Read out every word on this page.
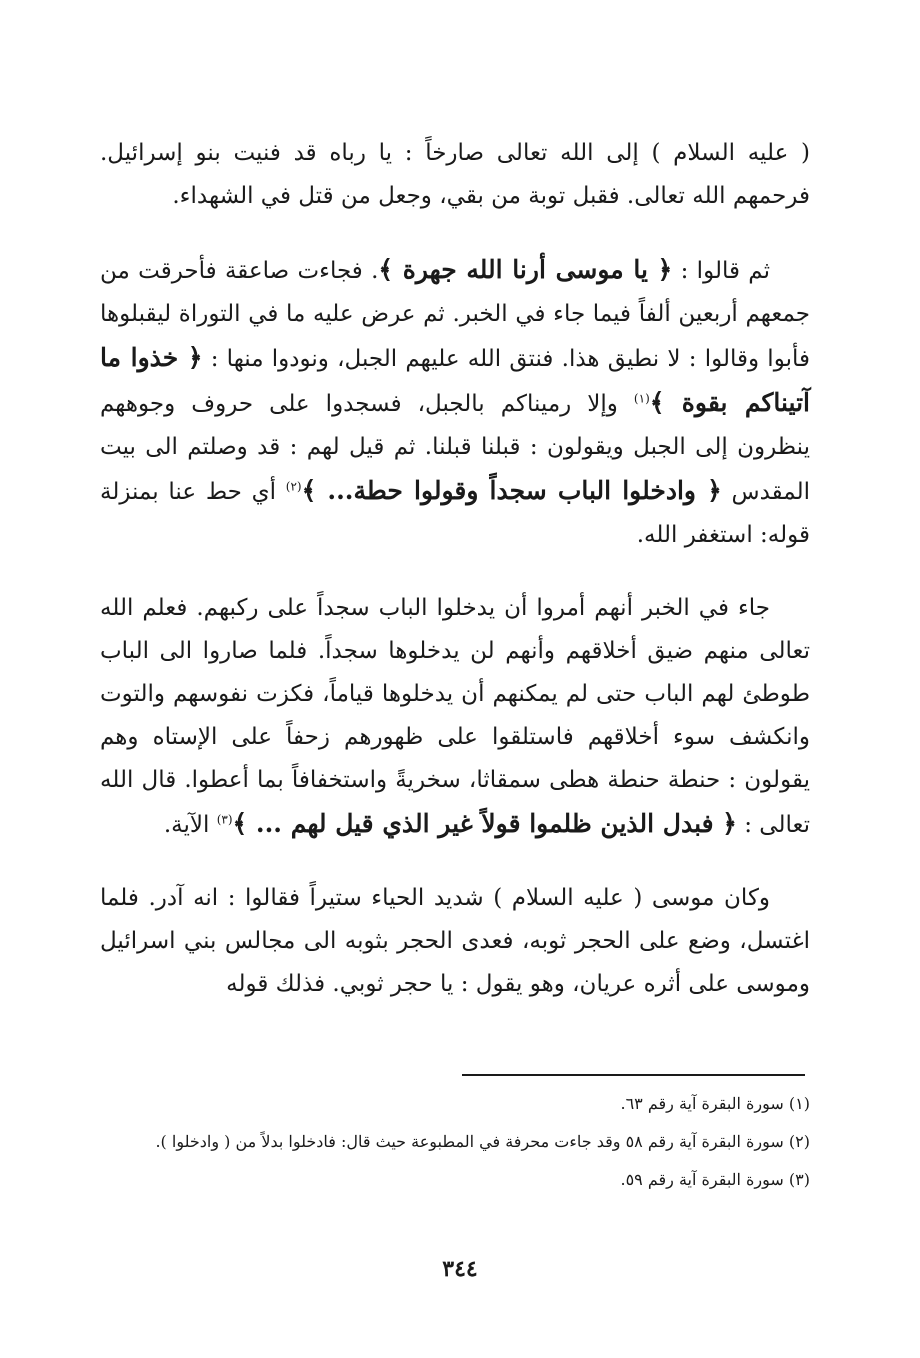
( عليه السلام ) إلى الله تعالى صارخاً : يا رباه قد فنيت بنو إسرائيل. فرحمهم الله تعالى. فقبل توبة من بقي، وجعل من قتل في الشهداء.

ثم قالوا : ﴿ يا موسى أرنا الله جهرة ﴾. فجاءت صاعقة فأحرقت من جمعهم أربعين ألفاً فيما جاء في الخبر. ثم عرض عليه ما في التوراة ليقبلوها فأبوا وقالوا : لا نطيق هذا. فنتق الله عليهم الجبل، ونودوا منها : ﴿ خذوا ما آتيناكم بقوة ﴾$^{(١)}$ وإلا رميناكم بالجبل، فسجدوا على حروف وجوههم ينظرون إلى الجبل ويقولون : قبلنا قبلنا. ثم قيل لهم : قد وصلتم الى بيت المقدس ﴿ وادخلوا الباب سجداً وقولوا حطة... ﴾$^{(٢)}$ أي حط عنا بمنزلة قوله: استغفر الله.

جاء في الخبر أنهم أمروا أن يدخلوا الباب سجداً على ركبهم. فعلم الله تعالى منهم ضيق أخلاقهم وأنهم لن يدخلوها سجداً. فلما صاروا الى الباب طوطئ لهم الباب حتى لم يمكنهم أن يدخلوها قياماً، فكزت نفوسهم والتوت وانكشف سوء أخلاقهم فاستلقوا على ظهورهم زحفاً على الإستاه وهم يقولون : حنطة حنطة هطى سمقاثا، سخريةً واستخفافاً بما أعطوا. قال الله تعالى : ﴿ فبدل الذين ظلموا قولاً غير الذي قيل لهم ... ﴾$^{(٣)}$ الآية.

وكان موسى ( عليه السلام ) شديد الحياء ستيراً فقالوا : انه آدر. فلما اغتسل، وضع على الحجر ثوبه، فعدى الحجر بثوبه الى مجالس بني اسرائيل وموسى على أثره عريان، وهو يقول : يا حجر ثوبي. فذلك قوله

(١) سورة البقرة آية رقم ٦٣.

(٢) سورة البقرة آية رقم ٥٨ وقد جاءت محرفة في المطبوعة حيث قال: فادخلوا بدلاً من ( وادخلوا ).

(٣) سورة البقرة آية رقم ٥٩.

٣٤٤
